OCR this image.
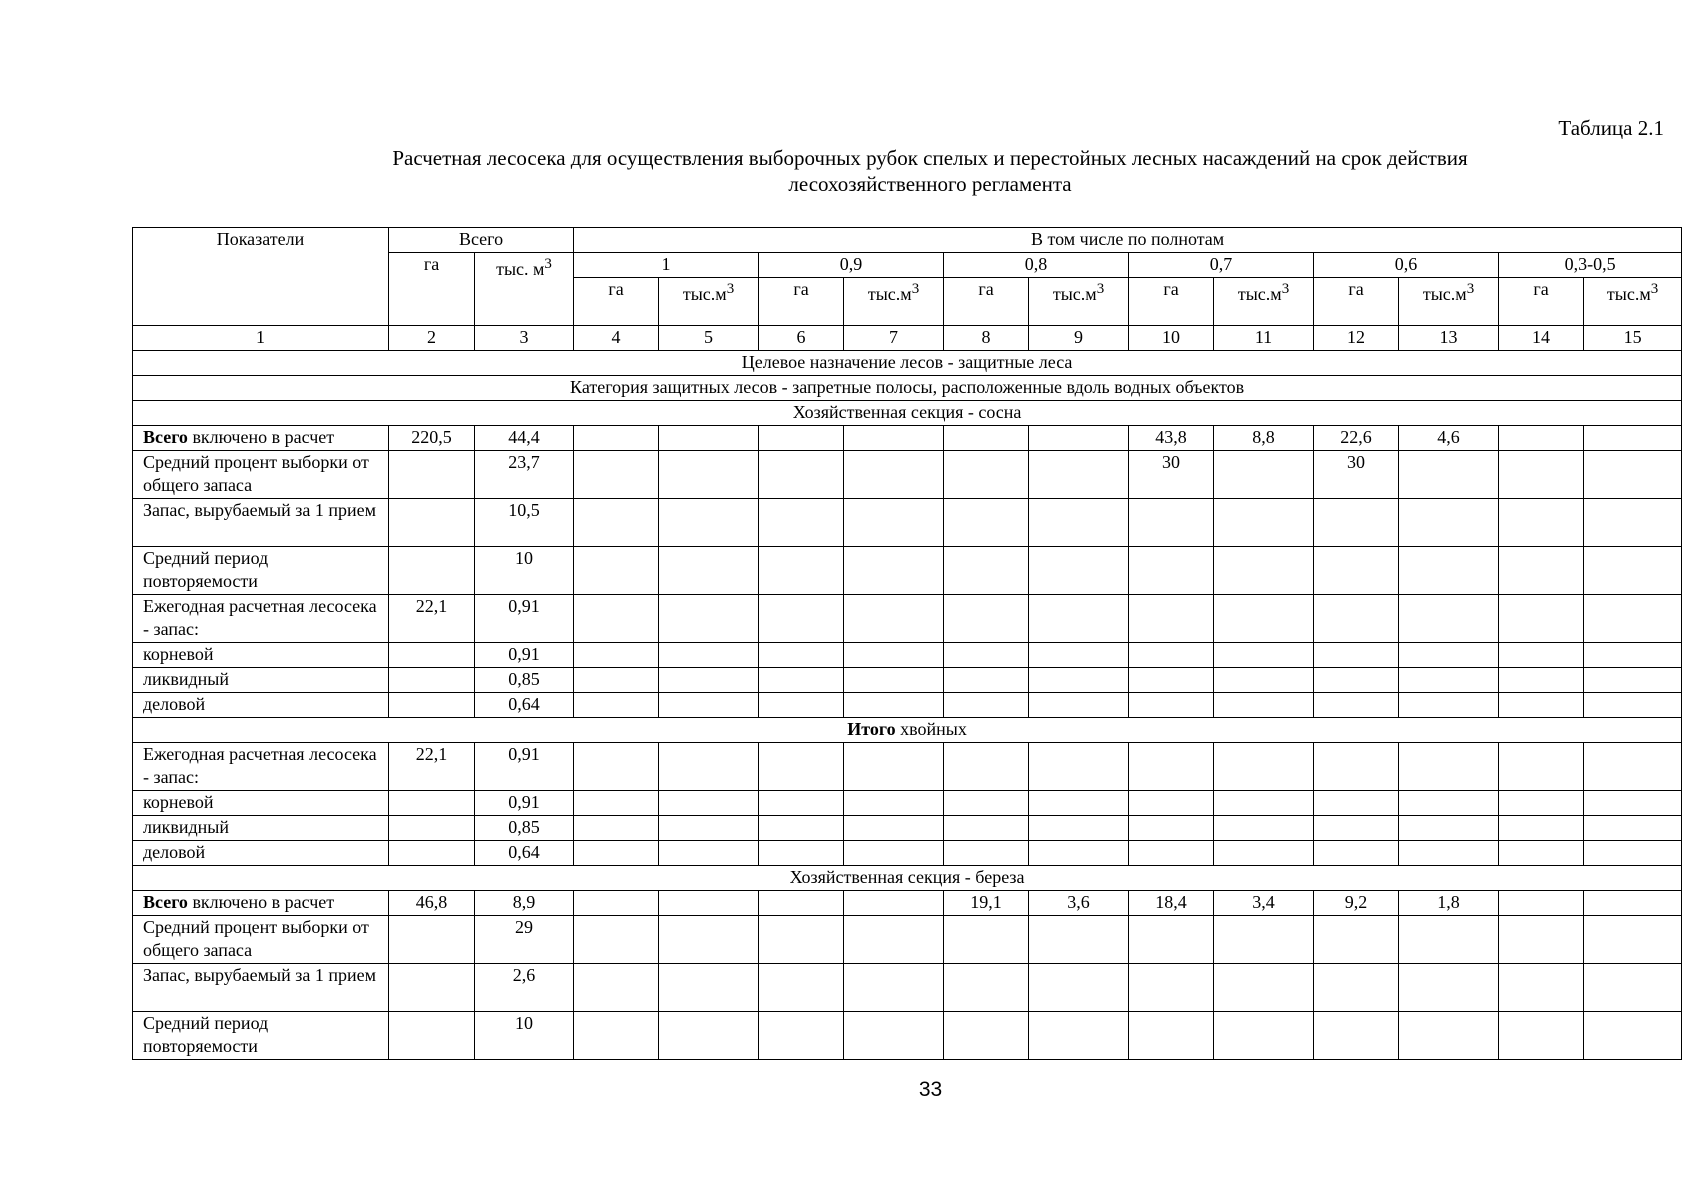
Таблица 2.1
Расчетная лесосека для осуществления выборочных рубок спелых и перестойных лесных насаждений на срок действия
лесохозяйственного регламента
Показатели	Всего		В том числе по полнотам											
	га	тыс. $м^3$	1		0,9		0,8		0,7		0,6		0,3-0,5	
			га	$тыс.м^3$	га	$тыс.м^3$	га	$тыс.м^3$	га	$тыс.м^3$	га	$тыс.м^3$	га	$тыс.м^3$
1	2	3	4	5	6	7	8	9	10	11	12	13	14	15
Целевое назначение лесов - защитные леса														
Категория защитных лесов - запретные полосы, расположенные вдоль водных объектов														
Хозяйственная секция - сосна														
Всего включено в расчет	220,5	44,4							43,8	8,8	22,6	4,6		
Средний процент выборки от общего запаса		23,7							30		30			
Запас, вырубаемый за 1 прием		10,5												
Средний период повторяемости		10												
Ежегодная расчетная лесосека - запас:	22,1	0,91												
корневой		0,91												
ликвидный		0,85												
деловой		0,64												
Итого хвойных														
Ежегодная расчетная лесосека - запас:	22,1	0,91												
корневой		0,91												
ликвидный		0,85												
деловой		0,64												
Хозяйственная секция - береза														
Всего включено в расчет	46,8	8,9					19,1	3,6	18,4	3,4	9,2	1,8		
Средний процент выборки от общего запаса		29												
Запас, вырубаемый за 1 прием		2,6												
Средний период повторяемости		10												
33
